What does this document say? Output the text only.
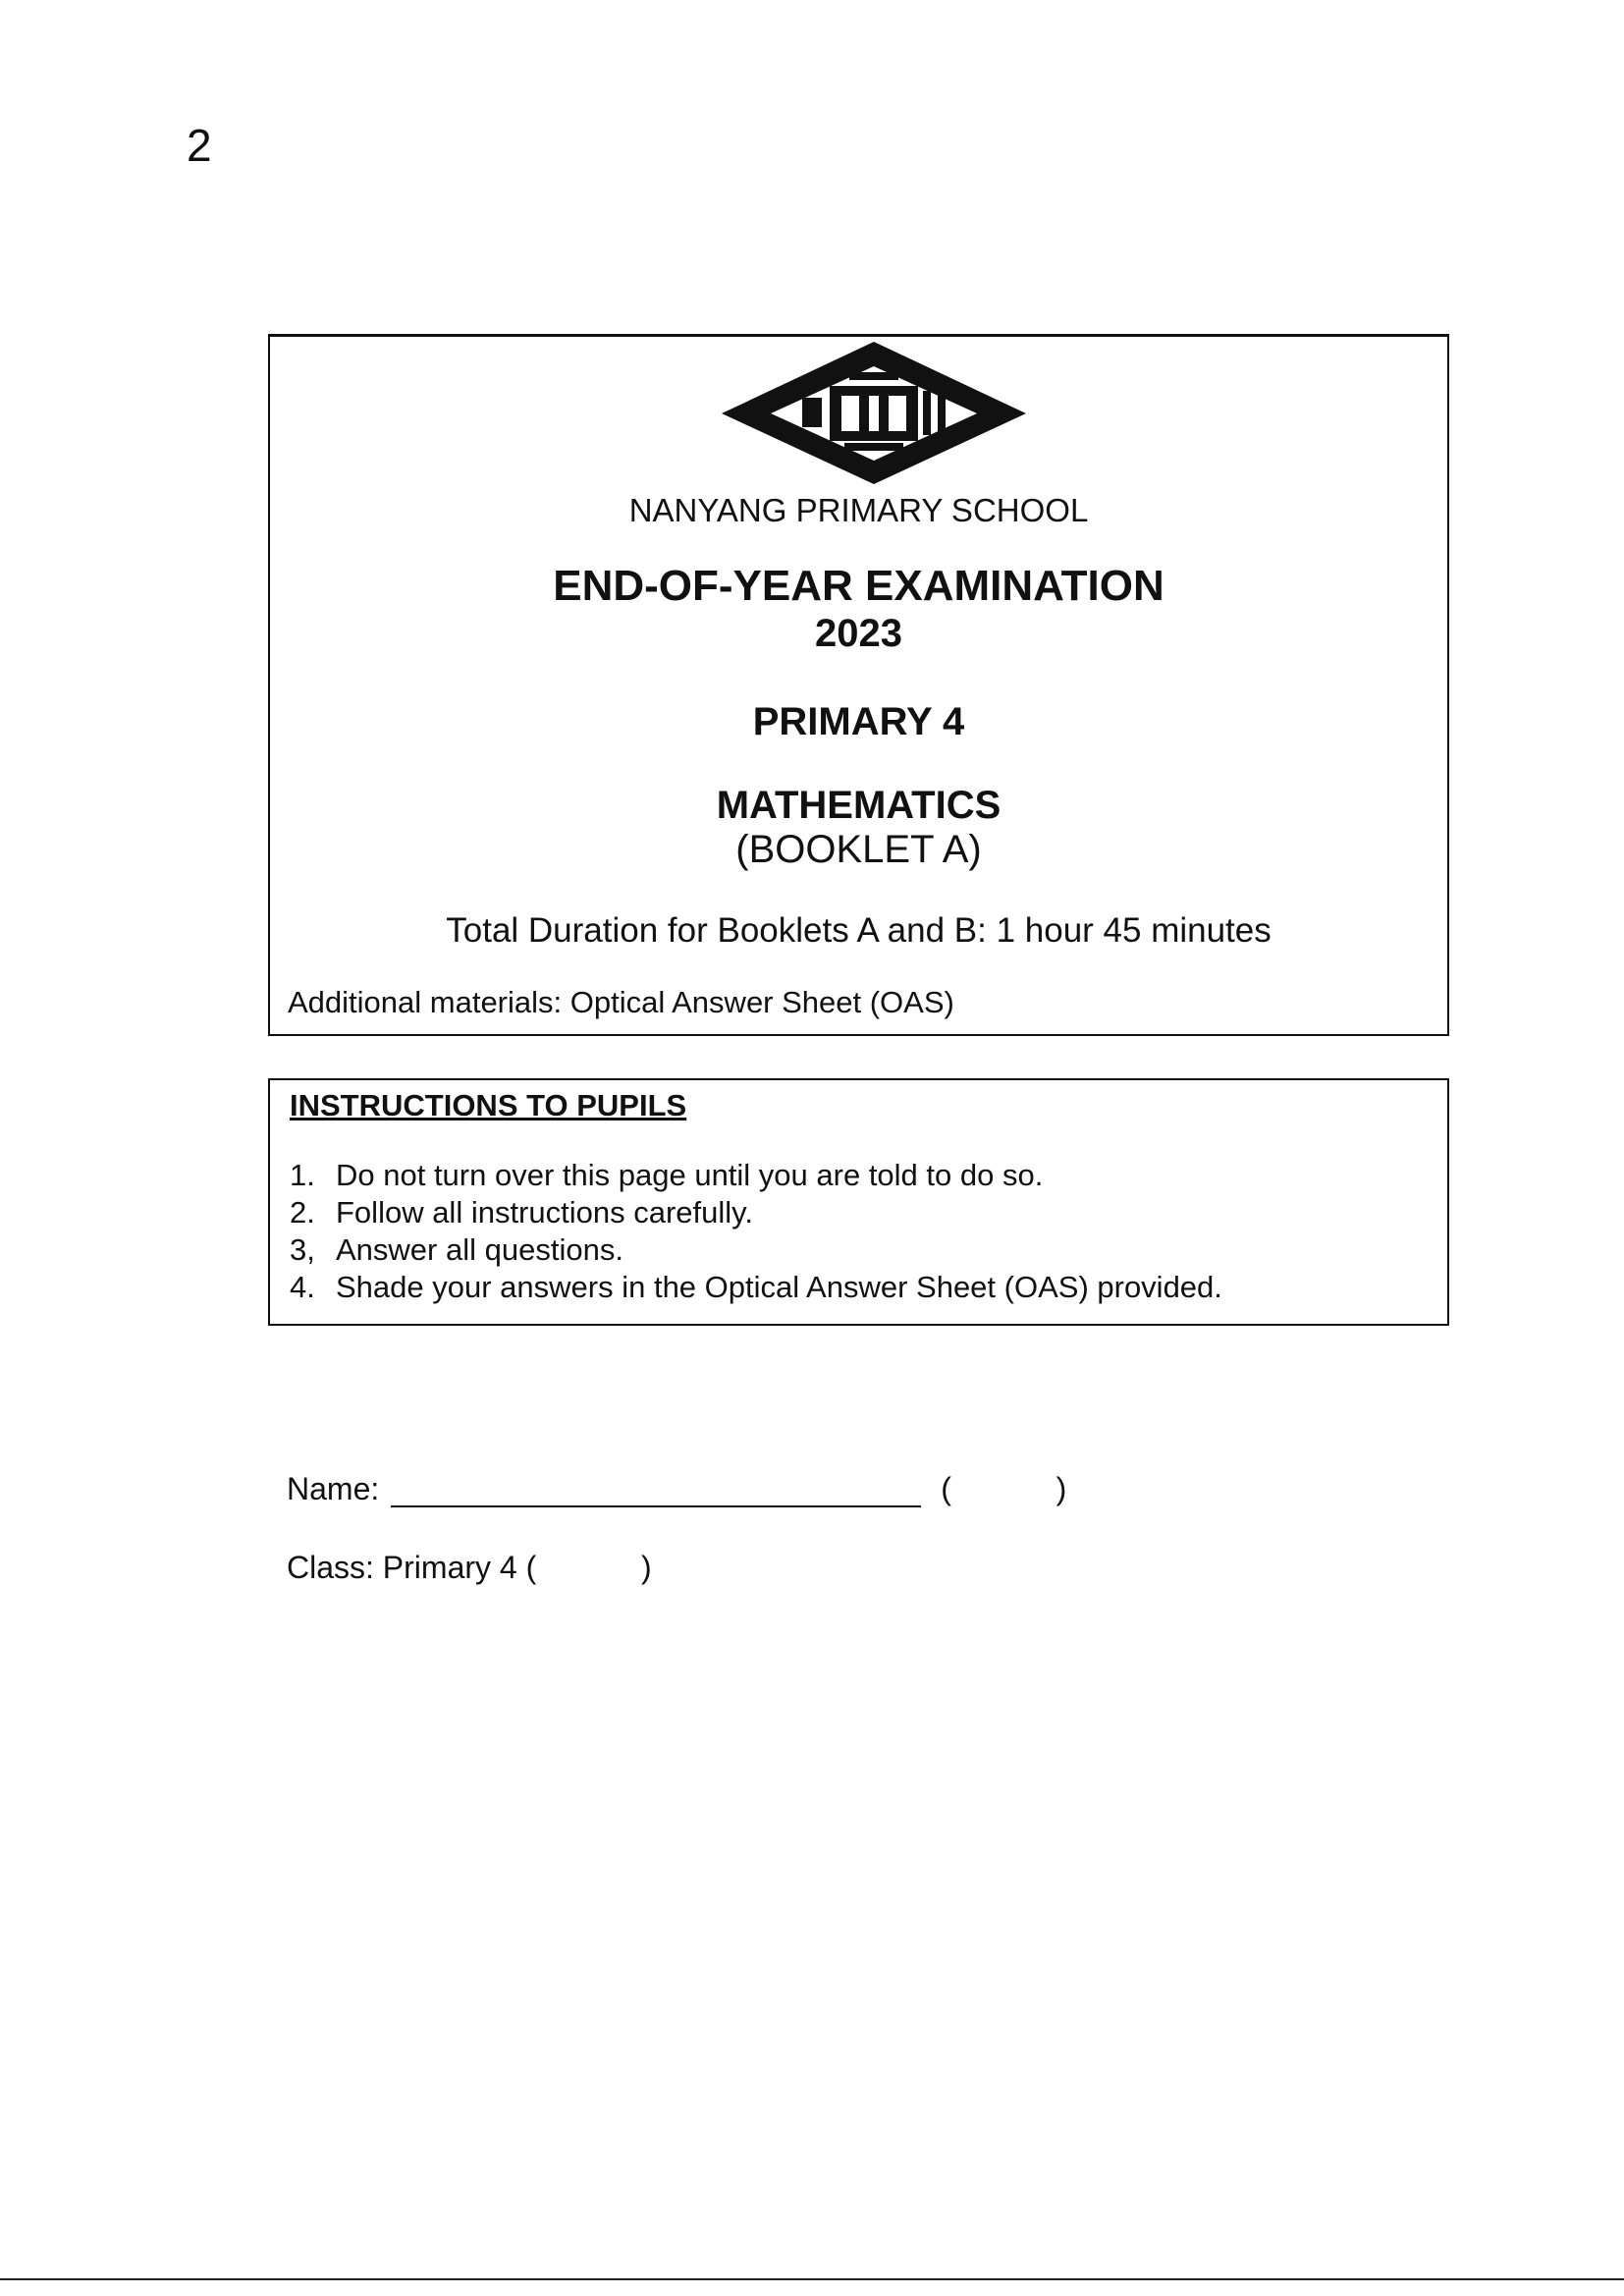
2
NANYANG PRIMARY SCHOOL
END-OF-YEAR EXAMINATION
2023
PRIMARY 4
MATHEMATICS
(BOOKLET A)
Total Duration for Booklets A and B: 1 hour 45 minutes
Additional materials: Optical Answer Sheet (OAS)
INSTRUCTIONS TO PUPILS
1. Do not turn over this page until you are told to do so.
2. Follow all instructions carefully.
3, Answer all questions.
4. Shade your answers in the Optical Answer Sheet (OAS) provided.
Name:	(            )
Class: Primary 4 (            )
